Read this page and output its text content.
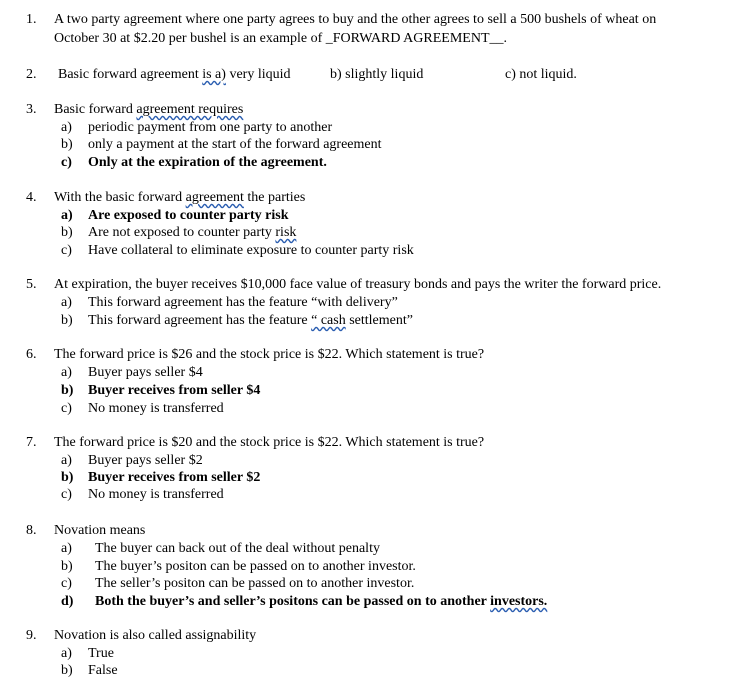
1. A two party agreement where one party agrees to buy and the other agrees to sell a 500 bushels of wheat on
October 30 at $2.20 per bushel is an example of _FORWARD AGREEMENT__.
2. Basic forward agreement is a) very liquid	b) slightly liquid	c) not liquid.
3. Basic forward agreement requires
a) periodic payment from one party to another
b) only a payment at the start of the forward agreement
c) Only at the expiration of the agreement.
4. With the basic forward agreement the parties
a) Are exposed to counter party risk
b) Are not exposed to counter party risk
c) Have collateral to eliminate exposure to counter party risk
5. At expiration, the buyer receives $10,000 face value of treasury bonds and pays the writer the forward price.
a) This forward agreement has the feature “with delivery”
b) This forward agreement has the feature “ cash settlement”
6. The forward price is $26 and the stock price is $22. Which statement is true?
a) Buyer pays seller $4
b) Buyer receives from seller $4
c) No money is transferred
7. The forward price is $20 and the stock price is $22. Which statement is true?
a) Buyer pays seller $2
b) Buyer receives from seller $2
c) No money is transferred
8. Novation means
a) The buyer can back out of the deal without penalty
b) The buyer’s positon can be passed on to another investor.
c) The seller’s positon can be passed on to another investor.
d) Both the buyer’s and seller’s positons can be passed on to another investors.
9. Novation is also called assignability
a) True
b) False
